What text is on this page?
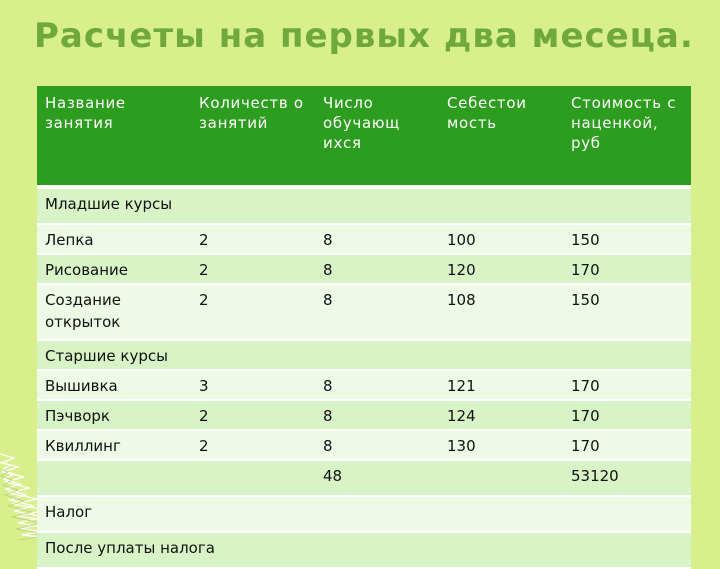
Расчеты на первых два месеца.
Название занятия	Количеств о занятий	Число обучающ ихся	Себестои мость	Стоимость с наценкой, руб
Младшие курсы				
Лепка	2	8	100	150
Рисование	2	8	120	170
Создание открыток	2	8	108	150
Старшие курсы				
Вышивка	3	8	121	170
Пэчворк	2	8	124	170
Квиллинг	2	8	130	170
		48		53120
Налог				
После уплаты налога				
